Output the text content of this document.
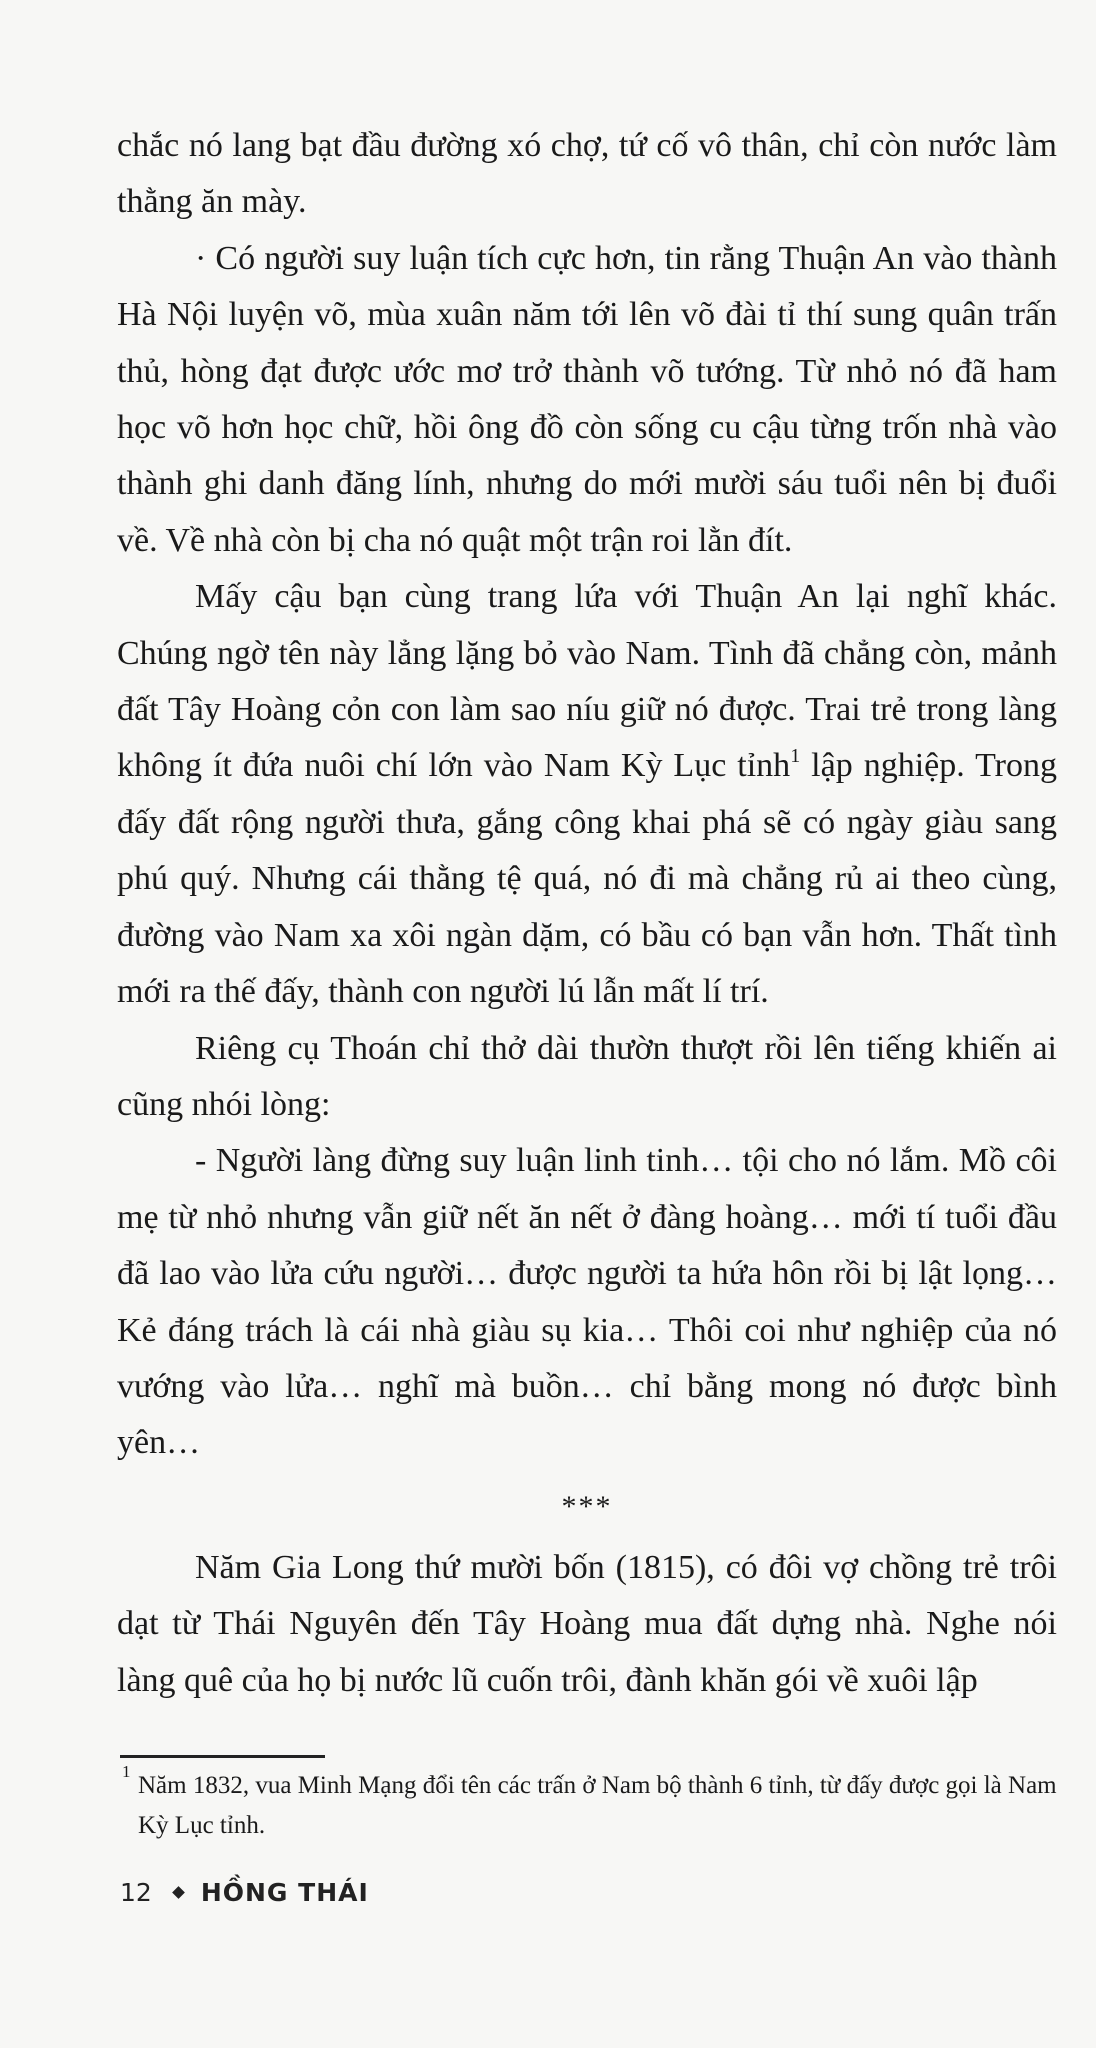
chắc nó lang bạt đầu đường xó chợ, tứ cố vô thân, chỉ còn nước làm thằng ăn mày.

· Có người suy luận tích cực hơn, tin rằng Thuận An vào thành Hà Nội luyện võ, mùa xuân năm tới lên võ đài tỉ thí sung quân trấn thủ, hòng đạt được ước mơ trở thành võ tướng. Từ nhỏ nó đã ham học võ hơn học chữ, hồi ông đồ còn sống cu cậu từng trốn nhà vào thành ghi danh đăng lính, nhưng do mới mười sáu tuổi nên bị đuổi về. Về nhà còn bị cha nó quật một trận roi lằn đít.

Mấy cậu bạn cùng trang lứa với Thuận An lại nghĩ khác. Chúng ngờ tên này lẳng lặng bỏ vào Nam. Tình đã chẳng còn, mảnh đất Tây Hoàng cỏn con làm sao níu giữ nó được. Trai trẻ trong làng không ít đứa nuôi chí lớn vào Nam Kỳ Lục tỉnh$^1$ lập nghiệp. Trong đấy đất rộng người thưa, gắng công khai phá sẽ có ngày giàu sang phú quý. Nhưng cái thằng tệ quá, nó đi mà chẳng rủ ai theo cùng, đường vào Nam xa xôi ngàn dặm, có bầu có bạn vẫn hơn. Thất tình mới ra thế đấy, thành con người lú lẫn mất lí trí.

Riêng cụ Thoán chỉ thở dài thườn thượt rồi lên tiếng khiến ai cũng nhói lòng:

- Người làng đừng suy luận linh tinh… tội cho nó lắm. Mồ côi mẹ từ nhỏ nhưng vẫn giữ nết ăn nết ở đàng hoàng… mới tí tuổi đầu đã lao vào lửa cứu người… được người ta hứa hôn rồi bị lật lọng… Kẻ đáng trách là cái nhà giàu sụ kia… Thôi coi như nghiệp của nó vướng vào lửa… nghĩ mà buồn… chỉ bằng mong nó được bình yên…

***

Năm Gia Long thứ mười bốn (1815), có đôi vợ chồng trẻ trôi dạt từ Thái Nguyên đến Tây Hoàng mua đất dựng nhà. Nghe nói làng quê của họ bị nước lũ cuốn trôi, đành khăn gói về xuôi lập

1
Năm 1832, vua Minh Mạng đổi tên các trấn ở Nam bộ thành 6 tỉnh, từ đấy được gọi là Nam Kỳ Lục tỉnh.
12 HỒNG THÁI
